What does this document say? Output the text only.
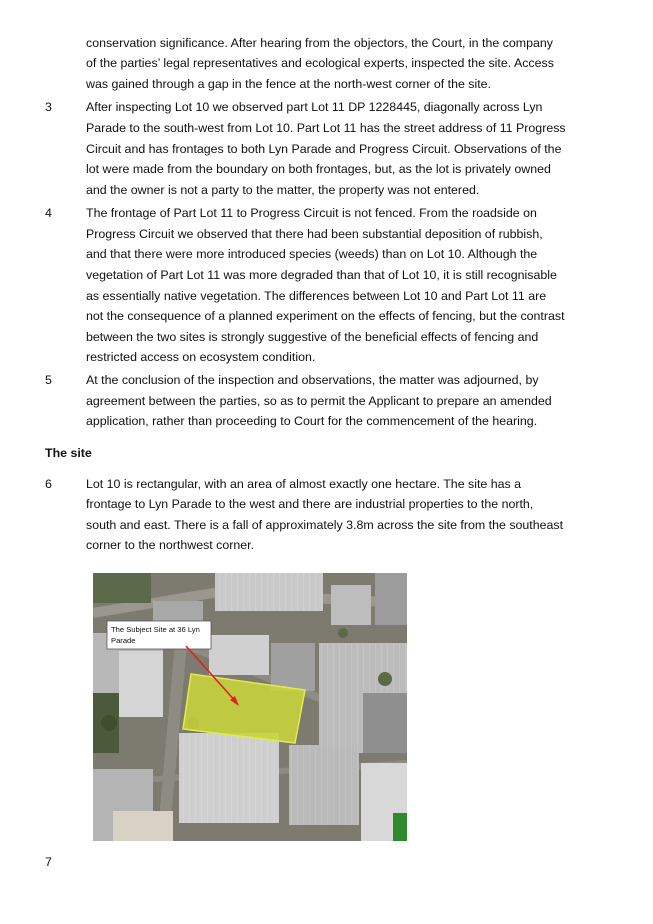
conservation significance. After hearing from the objectors, the Court, in the company
of the parties’ legal representatives and ecological experts, inspected the site. Access
was gained through a gap in the fence at the north-west corner of the site.
3	After inspecting Lot 10 we observed part Lot 11 DP 1228445, diagonally across Lyn
Parade to the south-west from Lot 10. Part Lot 11 has the street address of 11 Progress
Circuit and has frontages to both Lyn Parade and Progress Circuit. Observations of the
lot were made from the boundary on both frontages, but, as the lot is privately owned
and the owner is not a party to the matter, the property was not entered.
4	The frontage of Part Lot 11 to Progress Circuit is not fenced. From the roadside on
Progress Circuit we observed that there had been substantial deposition of rubbish,
and that there were more introduced species (weeds) than on Lot 10. Although the
vegetation of Part Lot 11 was more degraded than that of Lot 10, it is still recognisable
as essentially native vegetation. The differences between Lot 10 and Part Lot 11 are
not the consequence of a planned experiment on the effects of fencing, but the contrast
between the two sites is strongly suggestive of the beneficial effects of fencing and
restricted access on ecosystem condition.
5	At the conclusion of the inspection and observations, the matter was adjourned, by
agreement between the parties, so as to permit the Applicant to prepare an amended
application, rather than proceeding to Court for the commencement of the hearing.
The site
6	Lot 10 is rectangular, with an area of almost exactly one hectare. The site has a
frontage to Lyn Parade to the west and there are industrial properties to the north,
south and east. There is a fall of approximately 3.8m across the site from the southeast
corner to the northwest corner.
The Subject Site at 36 Lyn
Parade
7
